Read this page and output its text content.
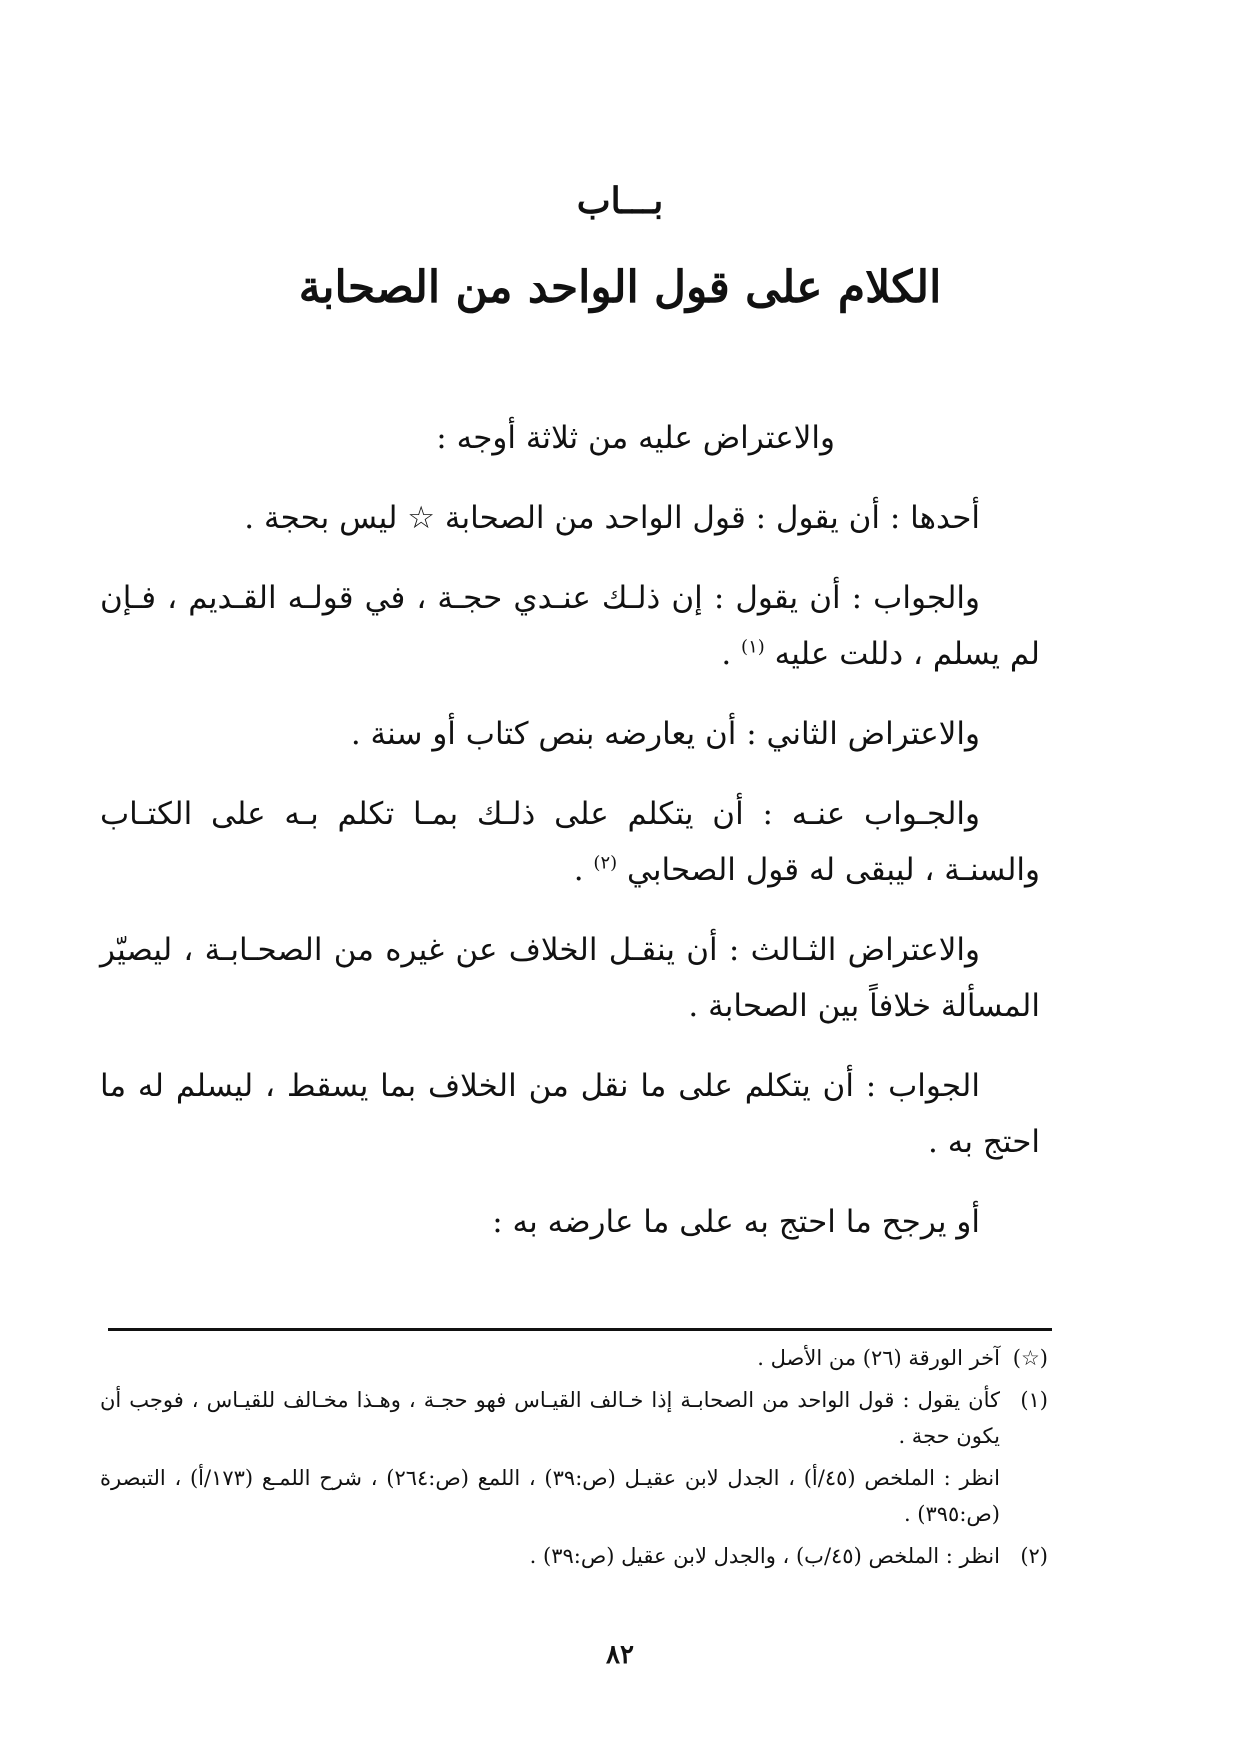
بـــاب
الكلام على قول الواحد من الصحابة

والاعتراض عليه من ثلاثة أوجه :

أحدها : أن يقول : قول الواحد من الصحابة ☆ ليس بحجة .

والجواب : أن يقول : إن ذلـك عنـدي حجـة ، في قولـه القـديم ، فـإن لم يسلم ، دللت عليه $^{(١)}$ .

والاعتراض الثاني : أن يعارضه بنص كتاب أو سنة .

والجـواب عنـه : أن يتكلم على ذلـك بمـا تكلم بـه على الكتـاب والسنـة ، ليبقى له قول الصحابي $^{(٢)}$ .

والاعتراض الثـالث : أن ينقـل الخلاف عن غيره من الصحـابـة ، ليصيّر المسألة خلافاً بين الصحابة .

الجواب : أن يتكلم على ما نقل من الخلاف بما يسقط ، ليسلم له ما احتج به .

أو يرجح ما احتج به على ما عارضه به :

(☆)
آخر الورقة (٢٦) من الأصل .
(١)
كأن يقول : قول الواحد من الصحابـة إذا خـالف القيـاس فهو حجـة ، وهـذا مخـالف للقيـاس ، فوجب أن يكون حجة .
انظر : الملخص (٤٥/أ) ، الجدل لابن عقيـل (ص:٣٩) ، اللمع (ص:٢٦٤) ، شرح اللمـع (١٧٣/أ) ، التبصرة (ص:٣٩٥) .
(٢)
انظر : الملخص (٤٥/ب) ، والجدل لابن عقيل (ص:٣٩) .
٨٢
